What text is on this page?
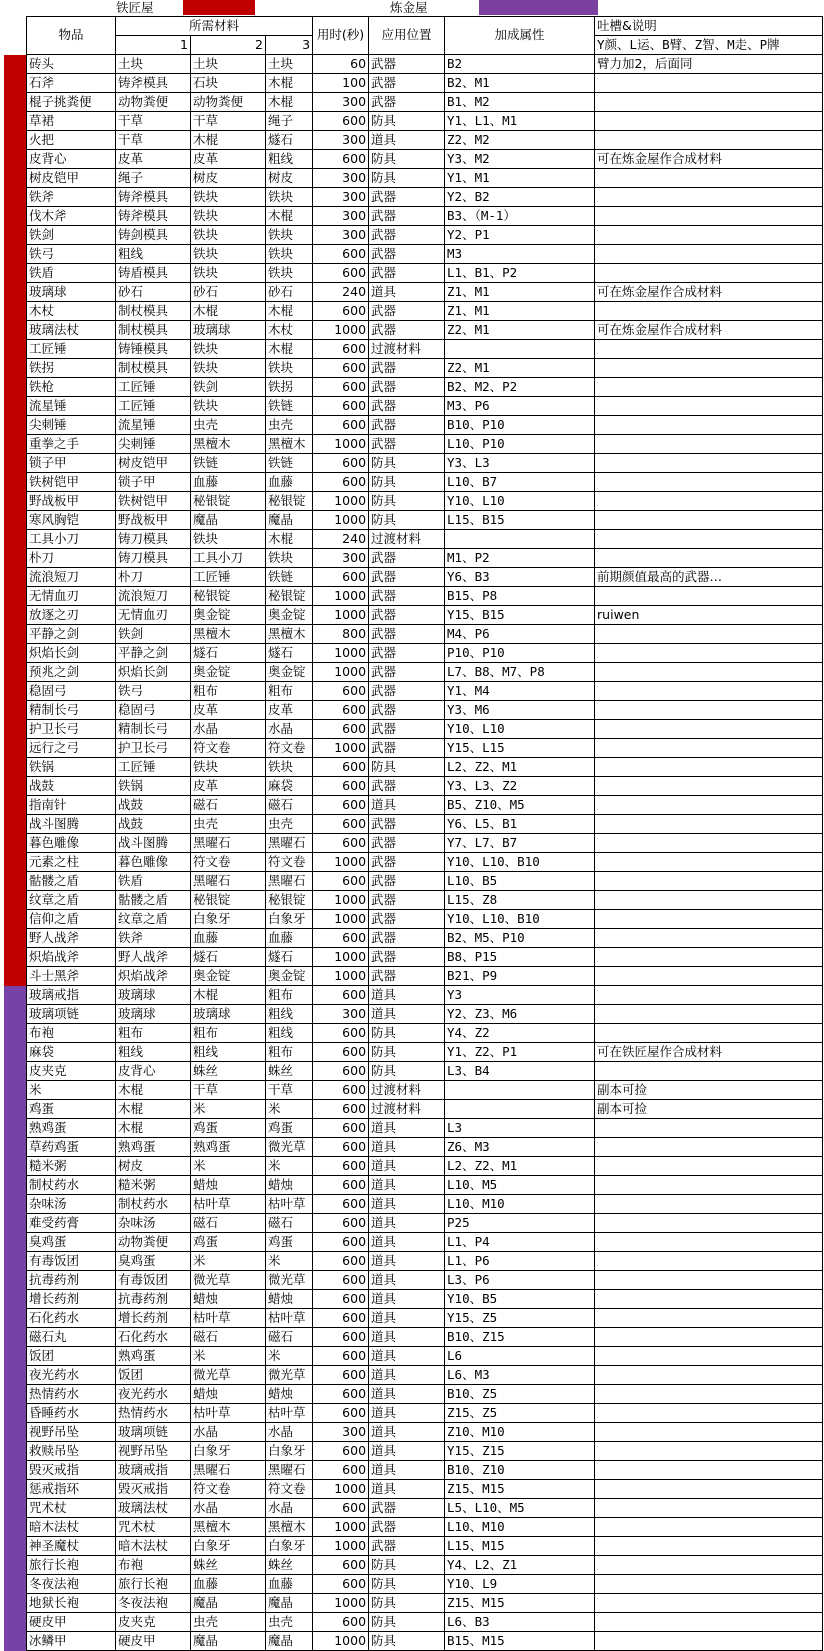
铁匠屋	炼金屋
物品	所需材料			用时(秒)	应用位置	加成属性	吐槽&说明
	1	2	3				Y颜、L运、B臂、Z智、M走、P牌
砖头	土块	土块	土块	60	武器	B2	臂力加2，后面同
石斧	铸斧模具	石块	木棍	100	武器	B2、M1	
棍子挑粪便	动物粪便	动物粪便	木棍	300	武器	B1、M2	
草裙	干草	干草	绳子	600	防具	Y1、L1、M1	
火把	干草	木棍	燧石	300	道具	Z2、M2	
皮背心	皮革	皮革	粗线	600	防具	Y3、M2	可在炼金屋作合成材料
树皮铠甲	绳子	树皮	树皮	300	防具	Y1、M1	
铁斧	铸斧模具	铁块	铁块	300	武器	Y2、B2	
伐木斧	铸斧模具	铁块	木棍	300	武器	B3、（M-1）	
铁剑	铸剑模具	铁块	铁块	300	武器	Y2、P1	
铁弓	粗线	铁块	铁块	600	武器	M3	
铁盾	铸盾模具	铁块	铁块	600	武器	L1、B1、P2	
玻璃球	砂石	砂石	砂石	240	道具	Z1、M1	可在炼金屋作合成材料
木杖	制杖模具	木棍	木棍	600	武器	Z1、M1	
玻璃法杖	制杖模具	玻璃球	木杖	1000	武器	Z2、M1	可在炼金屋作合成材料
工匠锤	铸锤模具	铁块	木棍	600	过渡材料		
铁拐	制杖模具	铁块	铁块	600	武器	Z2、M1	
铁枪	工匠锤	铁剑	铁拐	600	武器	B2、M2、P2	
流星锤	工匠锤	铁块	铁链	600	武器	M3、P6	
尖刺锤	流星锤	虫壳	虫壳	600	武器	B10、P10	
重拳之手	尖刺锤	黑檀木	黑檀木	1000	武器	L10、P10	
锁子甲	树皮铠甲	铁链	铁链	600	防具	Y3、L3	
铁树铠甲	锁子甲	血藤	血藤	600	防具	L10、B7	
野战板甲	铁树铠甲	秘银锭	秘银锭	1000	防具	Y10、L10	
寒风胸铠	野战板甲	魔晶	魔晶	1000	防具	L15、B15	
工具小刀	铸刀模具	铁块	木棍	240	过渡材料		
朴刀	铸刀模具	工具小刀	铁块	300	武器	M1、P2	
流浪短刀	朴刀	工匠锤	铁链	600	武器	Y6、B3	前期颜值最高的武器…
无情血刃	流浪短刀	秘银锭	秘银锭	1000	武器	B15、P8	
放逐之刃	无情血刃	奥金锭	奥金锭	1000	武器	Y15、B15	ruiwen
平静之剑	铁剑	黑檀木	黑檀木	800	武器	M4、P6	
炽焰长剑	平静之剑	燧石	燧石	1000	武器	P10、P10	
预兆之剑	炽焰长剑	奥金锭	奥金锭	1000	武器	L7、B8、M7、P8	
稳固弓	铁弓	粗布	粗布	600	武器	Y1、M4	
精制长弓	稳固弓	皮革	皮革	600	武器	Y3、M6	
护卫长弓	精制长弓	水晶	水晶	600	武器	Y10、L10	
远行之弓	护卫长弓	符文卷	符文卷	1000	武器	Y15、L15	
铁锅	工匠锤	铁块	铁块	600	防具	L2、Z2、M1	
战鼓	铁锅	皮革	麻袋	600	武器	Y3、L3、Z2	
指南针	战鼓	磁石	磁石	600	道具	B5、Z10、M5	
战斗图腾	战鼓	虫壳	虫壳	600	武器	Y6、L5、B1	
暮色雕像	战斗图腾	黑曜石	黑曜石	600	武器	Y7、L7、B7	
元素之柱	暮色雕像	符文卷	符文卷	1000	武器	Y10、L10、B10	
骷髅之盾	铁盾	黑曜石	黑曜石	600	武器	L10、B5	
纹章之盾	骷髅之盾	秘银锭	秘银锭	1000	武器	L15、Z8	
信仰之盾	纹章之盾	白象牙	白象牙	1000	武器	Y10、L10、B10	
野人战斧	铁斧	血藤	血藤	600	武器	B2、M5、P10	
炽焰战斧	野人战斧	燧石	燧石	1000	武器	B8、P15	
斗士黑斧	炽焰战斧	奥金锭	奥金锭	1000	武器	B21、P9	
玻璃戒指	玻璃球	木棍	粗布	600	道具	Y3	
玻璃项链	玻璃球	玻璃球	粗线	300	道具	Y2、Z3、M6	
布袍	粗布	粗布	粗线	600	防具	Y4、Z2	
麻袋	粗线	粗线	粗布	600	防具	Y1、Z2、P1	可在铁匠屋作合成材料
皮夹克	皮背心	蛛丝	蛛丝	600	防具	L3、B4	
米	木棍	干草	干草	600	过渡材料		副本可捡
鸡蛋	木棍	米	米	600	过渡材料		副本可捡
熟鸡蛋	木棍	鸡蛋	鸡蛋	600	道具	L3	
草药鸡蛋	熟鸡蛋	熟鸡蛋	微光草	600	道具	Z6、M3	
糙米粥	树皮	米	米	600	道具	L2、Z2、M1	
制杖药水	糙米粥	蜡烛	蜡烛	600	道具	L10、M5	
杂味汤	制杖药水	枯叶草	枯叶草	600	道具	L10、M10	
难受药膏	杂味汤	磁石	磁石	600	道具	P25	
臭鸡蛋	动物粪便	鸡蛋	鸡蛋	600	道具	L1、P4	
有毒饭团	臭鸡蛋	米	米	600	道具	L1、P6	
抗毒药剂	有毒饭团	微光草	微光草	600	道具	L3、P6	
增长药剂	抗毒药剂	蜡烛	蜡烛	600	道具	Y10、B5	
石化药水	增长药剂	枯叶草	枯叶草	600	道具	Y15、Z5	
磁石丸	石化药水	磁石	磁石	600	道具	B10、Z15	
饭团	熟鸡蛋	米	米	600	道具	L6	
夜光药水	饭团	微光草	微光草	600	道具	L6、M3	
热情药水	夜光药水	蜡烛	蜡烛	600	道具	B10、Z5	
昏睡药水	热情药水	枯叶草	枯叶草	600	道具	Z15、Z5	
视野吊坠	玻璃项链	水晶	水晶	300	道具	Z10、M10	
救赎吊坠	视野吊坠	白象牙	白象牙	600	道具	Y15、Z15	
毁灭戒指	玻璃戒指	黑曜石	黑曜石	600	道具	B10、Z10	
惩戒指环	毁灭戒指	符文卷	符文卷	1000	道具	Z15、M15	
咒术杖	玻璃法杖	水晶	水晶	600	武器	L5、L10、M5	
暗木法杖	咒术杖	黑檀木	黑檀木	1000	武器	L10、M10	
神圣魔杖	暗木法杖	白象牙	白象牙	1000	武器	L15、M15	
旅行长袍	布袍	蛛丝	蛛丝	600	防具	Y4、L2、Z1	
冬夜法袍	旅行长袍	血藤	血藤	600	防具	Y10、L9	
地狱长袍	冬夜法袍	魔晶	魔晶	1000	防具	Z15、M15	
硬皮甲	皮夹克	虫壳	虫壳	600	防具	L6、B3	
冰鳞甲	硬皮甲	魔晶	魔晶	1000	防具	B15、M15	
